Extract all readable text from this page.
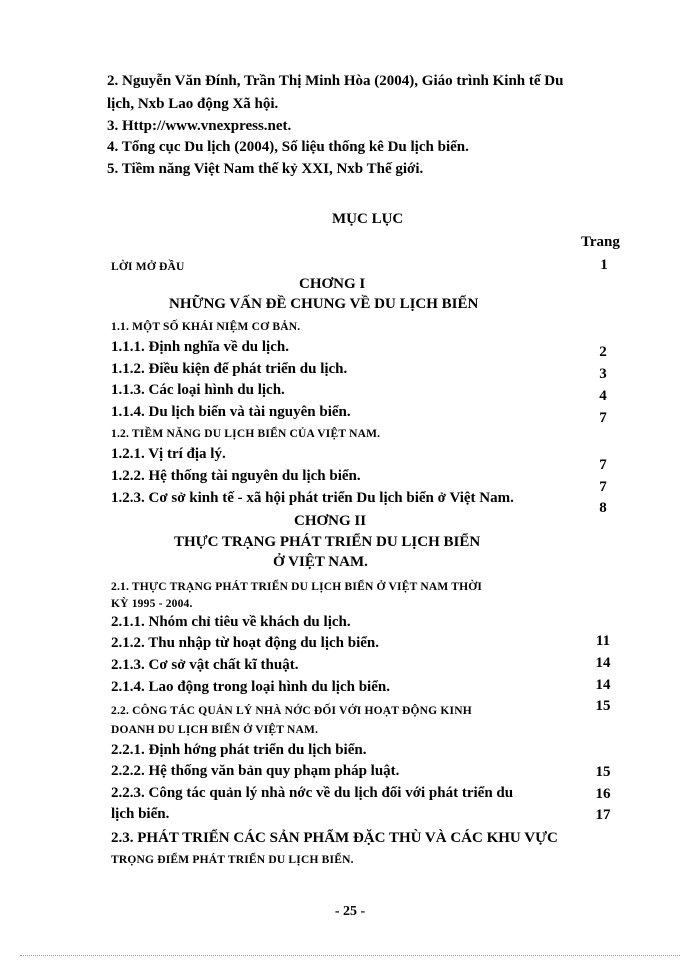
2. Nguyễn Văn Đính, Trần Thị Minh Hòa (2004), Giáo trình Kinh tế Du
lịch, Nxb Lao động Xã hội.
3. Http://www.vnexpress.net.
4. Tổng cục Du lịch (2004), Số liệu thống kê Du lịch biển.
5. Tiềm năng Việt Nam thế kỷ XXI, Nxb Thế giới.
MỤC LỤC
Trang
LỜI MỞ ĐẦU	1
CHƠNG I
NHỮNG VẤN ĐỀ CHUNG VỀ DU LỊCH BIỂN
1.1. MỘT SỐ KHÁI NIỆM CƠ BẢN.
1.1.1. Định nghĩa về du lịch.
1.1.2. Điều kiện để phát triển du lịch.
1.1.3. Các loại hình du lịch.
1.1.4. Du lịch biển và tài nguyên biển.
1.2. TIỀM NĂNG DU LỊCH BIỂN CỦA VIỆT NAM.
1.2.1. Vị trí địa lý.
1.2.2. Hệ thống tài nguyên du lịch biển.
1.2.3. Cơ sở kinh tế - xã hội phát triển Du lịch biển ở Việt Nam.
2
3
4
7
7
7
8
CHƠNG II
THỰC TRẠNG PHÁT TRIỂN DU LỊCH BIỂN
Ở VIỆT NAM.
2.1. THỰC TRẠNG PHÁT TRIỂN DU LỊCH BIỂN Ở VIỆT NAM THỜI
KỲ 1995 - 2004.
2.1.1. Nhóm chỉ tiêu về khách du lịch.
2.1.2. Thu nhập từ hoạt động du lịch biển.
2.1.3. Cơ sở vật chất kĩ thuật.
2.1.4. Lao động trong loại hình du lịch biển.
2.2. CÔNG TÁC QUẢN LÝ NHÀ NỚC ĐỐI VỚI HOẠT ĐỘNG KINH
DOANH DU LỊCH BIỂN Ở VIỆT NAM.
2.2.1. Định hớng phát triển du lịch biển.
2.2.2. Hệ thống văn bản quy phạm pháp luật.
2.2.3. Công tác quản lý nhà nớc về du lịch đối với phát triển du
lịch biển.
2.3. PHÁT TRIỂN CÁC SẢN PHẨM ĐẶC THÙ VÀ CÁC KHU VỰC
TRỌNG ĐIỂM PHÁT TRIỂN DU LỊCH BIỂN.
11
14
14
15
15
16
17
- 25 -
